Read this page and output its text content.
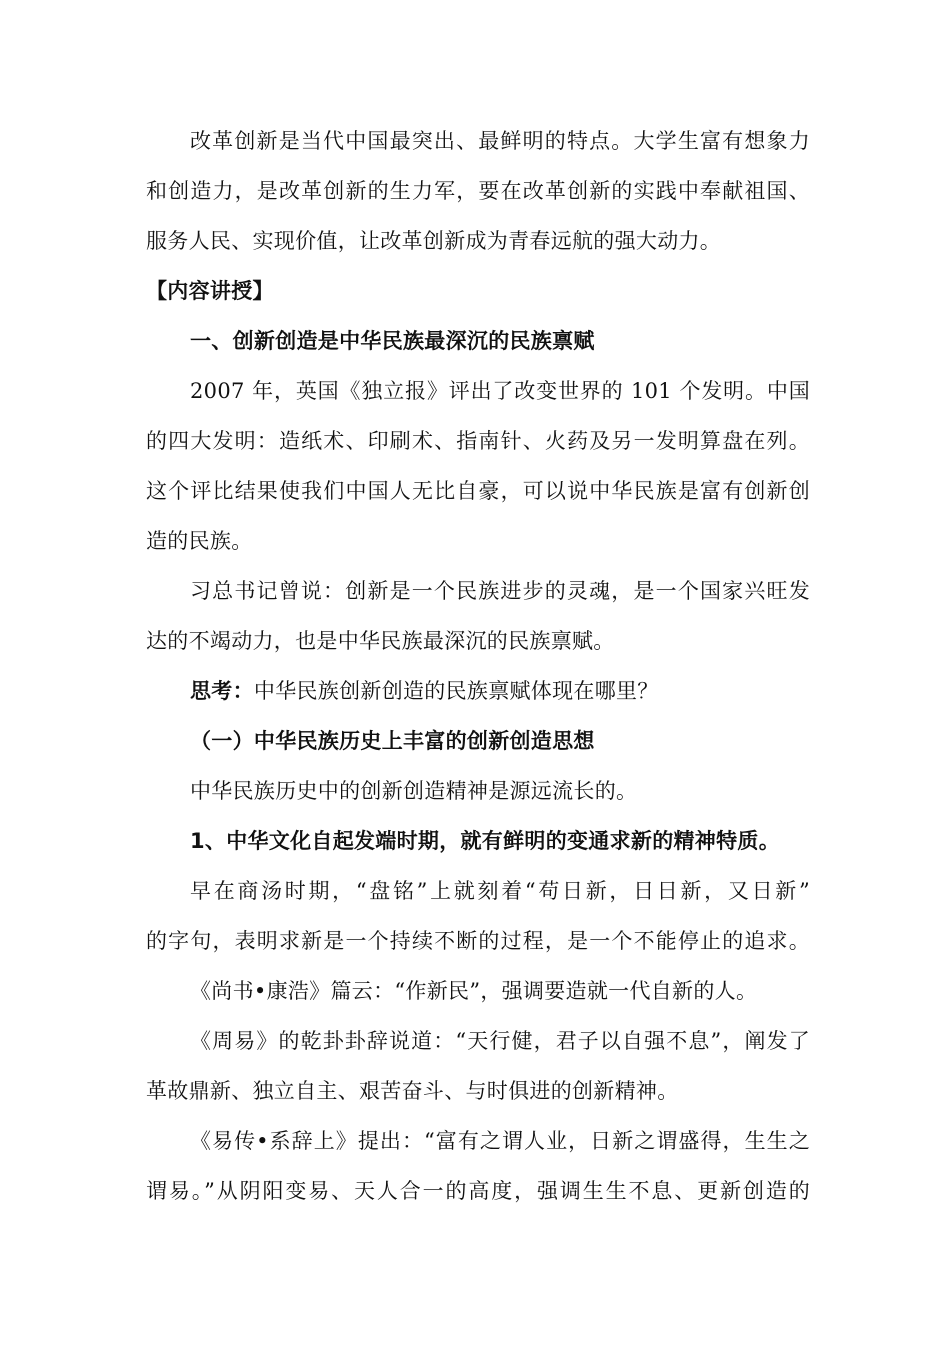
改革创新是当代中国最突出、最鲜明的特点。大学生富有想象力
和创造力，是改革创新的生力军，要在改革创新的实践中奉献祖国、
服务人民、实现价值，让改革创新成为青春远航的强大动力。
【内容讲授】
一、创新创造是中华民族最深沉的民族禀赋
2007 年，英国《独立报》评出了改变世界的 101 个发明。中国
的四大发明：造纸术、印刷术、指南针、火药及另一发明算盘在列。
这个评比结果使我们中国人无比自豪，可以说中华民族是富有创新创
造的民族。
习总书记曾说：创新是一个民族进步的灵魂，是一个国家兴旺发
达的不竭动力，也是中华民族最深沉的民族禀赋。
思考：中华民族创新创造的民族禀赋体现在哪里？
（一）中华民族历史上丰富的创新创造思想
中华民族历史中的创新创造精神是源远流长的。
1、中华文化自起发端时期，就有鲜明的变通求新的精神特质。
早在商汤时期，“盘铭”上就刻着“苟日新，日日新，又日新”
的字句，表明求新是一个持续不断的过程，是一个不能停止的追求。
《尚书•康浩》篇云：“作新民”，强调要造就一代自新的人。
《周易》的乾卦卦辞说道：“天行健，君子以自强不息”，阐发了
革故鼎新、独立自主、艰苦奋斗、与时俱进的创新精神。
《易传•系辞上》提出：“富有之谓人业，日新之谓盛得，生生之
谓易。”从阴阳变易、天人合一的高度，强调生生不息、更新创造的
